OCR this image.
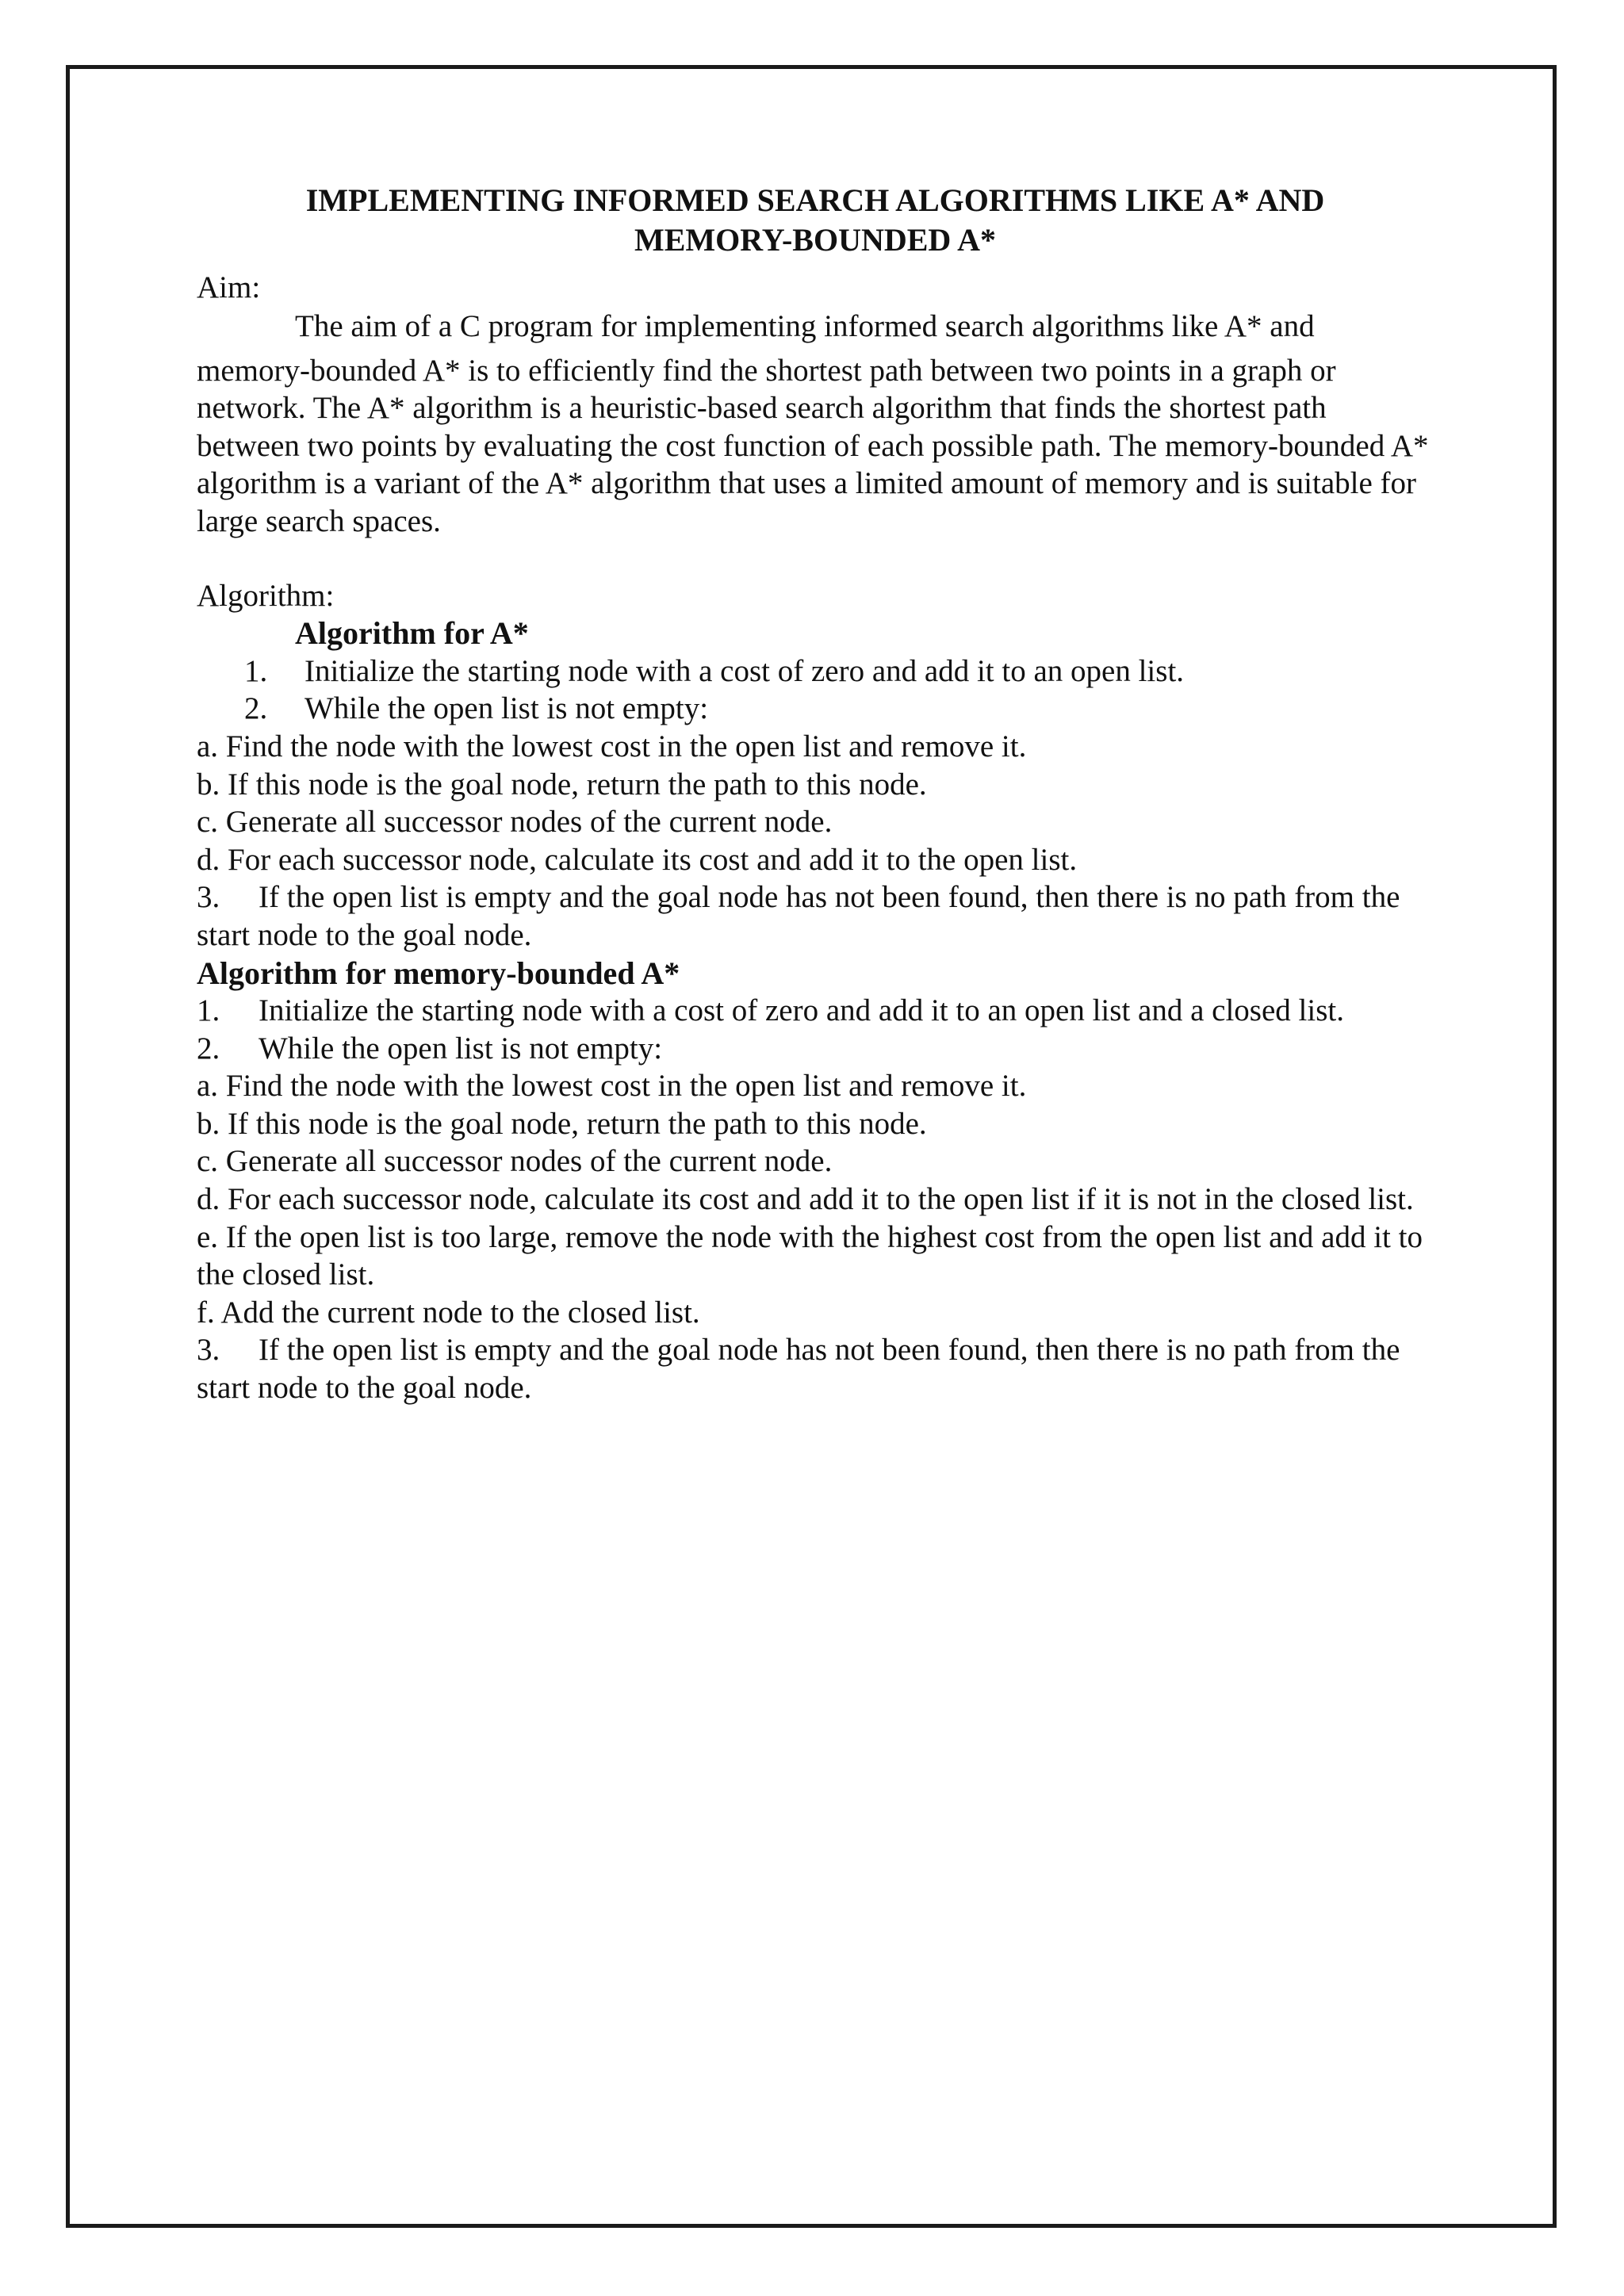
IMPLEMENTING INFORMED SEARCH ALGORITHMS LIKE A* AND
MEMORY-BOUNDED A*

Aim:

The aim of a C program for implementing informed search algorithms like A* and

memory-bounded A* is to efficiently find the shortest path between two points in a graph or network. The A* algorithm is a heuristic-based search algorithm that finds the shortest path between two points by evaluating the cost function of each possible path. The memory-bounded A* algorithm is a variant of the A* algorithm that uses a limited amount of memory and is suitable for large search spaces.

Algorithm:

Algorithm for A*

1.	Initialize the starting node with a cost of zero and add it to an open list.
2.	While the open list is not empty:

a. Find the node with the lowest cost in the open list and remove it.

b. If this node is the goal node, return the path to this node.

c. Generate all successor nodes of the current node.

d. For each successor node, calculate its cost and add it to the open list.

3. If the open list is empty and the goal node has not been found, then there is no path from the start node to the goal node.

Algorithm for memory-bounded A*

1. Initialize the starting node with a cost of zero and add it to an open list and a closed list.

2. While the open list is not empty:

a. Find the node with the lowest cost in the open list and remove it.

b. If this node is the goal node, return the path to this node.

c. Generate all successor nodes of the current node.

d. For each successor node, calculate its cost and add it to the open list if it is not in the closed list. e. If the open list is too large, remove the node with the highest cost from the open list and add it to the closed list.

f. Add the current node to the closed list.

3. If the open list is empty and the goal node has not been found, then there is no path from the start node to the goal node.
